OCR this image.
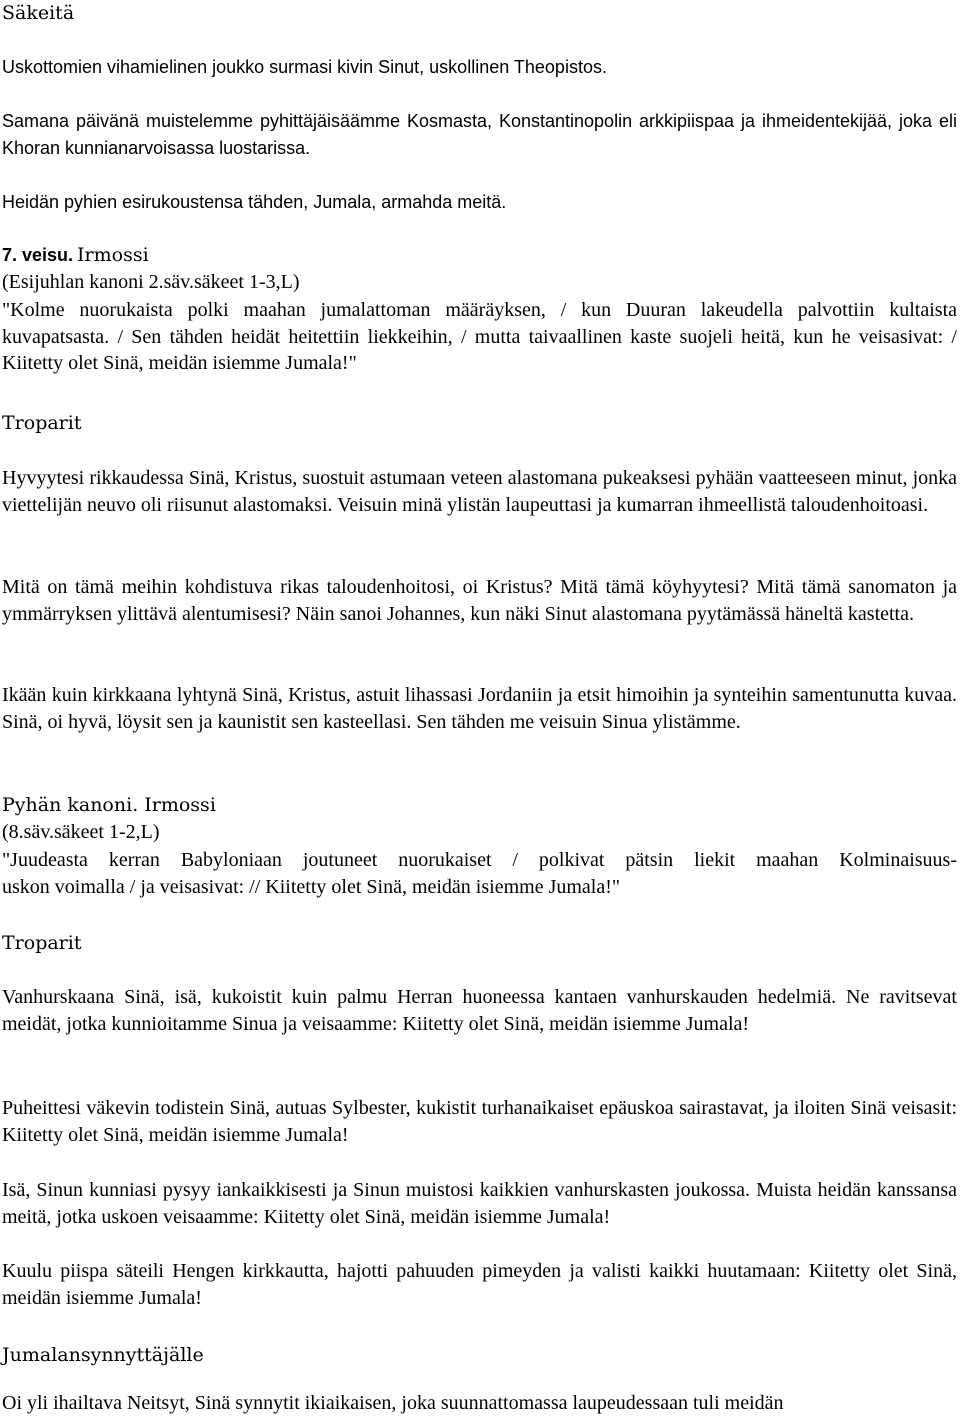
Säkeitä

Uskottomien vihamielinen joukko surmasi kivin Sinut, uskollinen Theopistos.

Samana päivänä muistelemme pyhittäjäisäämme Kosmasta, Konstantinopolin arkkipiispaa ja ihmeidentekijää, joka eli Khoran kunnianarvoisassa luostarissa.

Heidän pyhien esirukoustensa tähden, Jumala, armahda meitä.

7. veisu. Irmossi
(Esijuhlan kanoni 2.säv.säkeet 1-3,L)

"Kolme nuorukaista polki maahan jumalattoman määräyksen, / kun Duuran lakeudella palvottiin kultaista kuvapatsasta. / Sen tähden heidät heitettiin liekkeihin, / mutta taivaallinen kaste suojeli heitä, kun he veisasivat: / Kiitetty olet Sinä, meidän isiemme Jumala!"

Troparit

Hyvyytesi rikkaudessa Sinä, Kristus, suostuit astumaan veteen alastomana pukeaksesi pyhään vaatteeseen minut, jonka viettelijän neuvo oli riisunut alastomaksi. Veisuin minä ylistän laupeuttasi ja kumarran ihmeellistä taloudenhoitoasi.

Mitä on tämä meihin kohdistuva rikas taloudenhoitosi, oi Kristus? Mitä tämä köyhyytesi? Mitä tämä sanomaton ja ymmärryksen ylittävä alentumisesi? Näin sanoi Johannes, kun näki Sinut alastomana pyytämässä häneltä kastetta.

Ikään kuin kirkkaana lyhtynä Sinä, Kristus, astuit lihassasi Jordaniin ja etsit himoihin ja synteihin samentunutta kuvaa. Sinä, oi hyvä, löysit sen ja kaunistit sen kasteellasi. Sen tähden me veisuin Sinua ylistämme.

Pyhän kanoni. Irmossi
(8.säv.säkeet 1-2,L)

"Juudeasta kerran Babyloniaan joutuneet nuorukaiset / polkivat pätsin liekit maahan Kolminaisuus-
uskon voimalla / ja veisasivat: // Kiitetty olet Sinä, meidän isiemme Jumala!"

Troparit

Vanhurskaana Sinä, isä, kukoistit kuin palmu Herran huoneessa kantaen vanhurskauden hedelmiä. Ne ravitsevat meidät, jotka kunnioitamme Sinua ja veisaamme: Kiitetty olet Sinä, meidän isiemme Jumala!

Puheittesi väkevin todistein Sinä, autuas Sylbester, kukistit turhanaikaiset epäuskoa sairastavat, ja iloiten Sinä veisasit: Kiitetty olet Sinä, meidän isiemme Jumala!

Isä, Sinun kunniasi pysyy iankaikkisesti ja Sinun muistosi kaikkien vanhurskasten joukossa. Muista heidän kanssansa meitä, jotka uskoen veisaamme: Kiitetty olet Sinä, meidän isiemme Jumala!

Kuulu piispa säteili Hengen kirkkautta, hajotti pahuuden pimeyden ja valisti kaikki huutamaan: Kiitetty olet Sinä, meidän isiemme Jumala!

Jumalansynnyttäjälle

Oi yli ihailtava Neitsyt, Sinä synnytit ikiaikaisen, joka suunnattomassa laupeudessaan tuli meidän
